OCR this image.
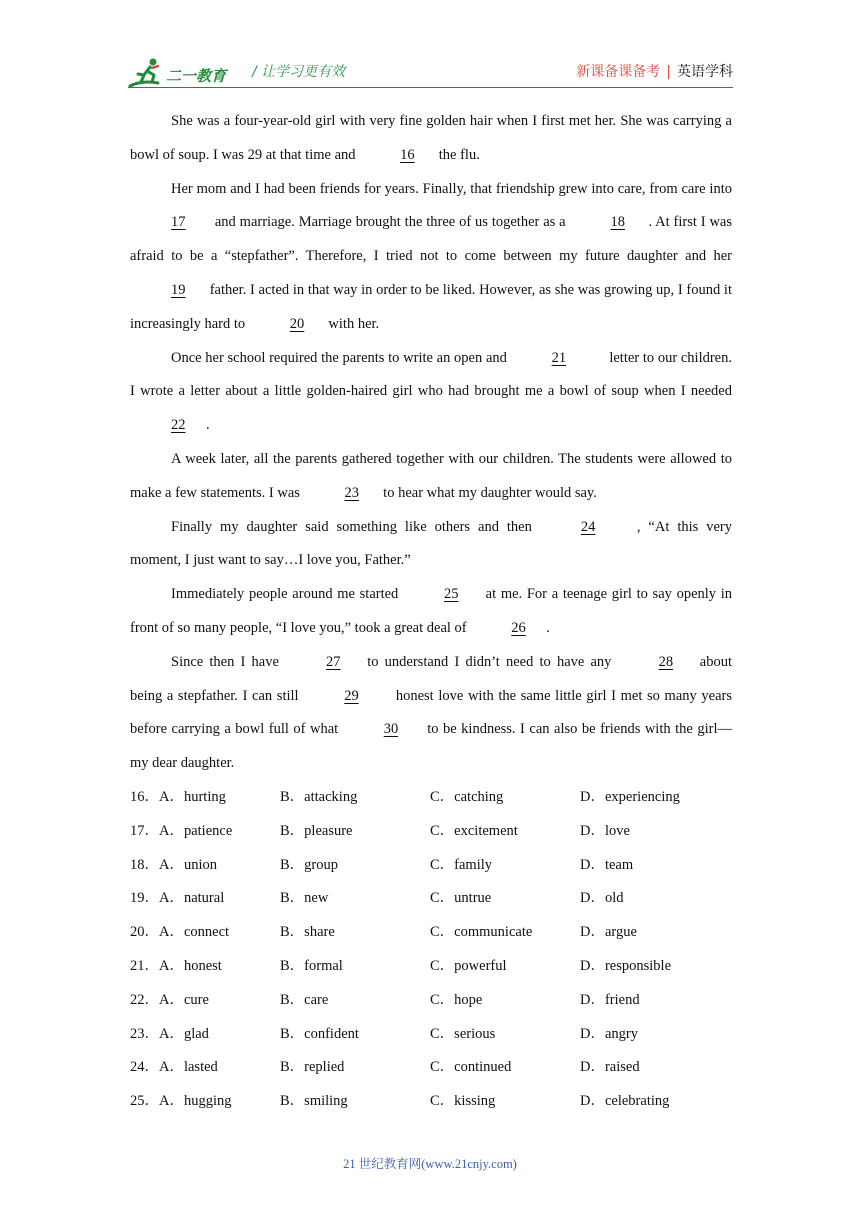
二一教育 / 让学习更有效	新课备课备考 | 英语学科

She was a four-year-old girl with very fine golden hair when I first met her. She was carrying a bowl of soup. I was 29 at that time and	16 the flu.

Her mom and I had been friends for years. Finally, that friendship grew into care, from care into 17 and marriage. Marriage brought the three of us together as a	18 . At first I was afraid to be a “stepfather”. Therefore, I tried not to come between my future daughter and her 19 father. I acted in that way in order to be liked. However, as she was growing up, I found it increasingly hard to	20 with her.

Once her school required the parents to write an open and	21	letter to our children. I wrote a letter about a little golden-haired girl who had brought me a bowl of soup when I needed 22 .

A week later, all the parents gathered together with our children. The students were allowed to make a few statements. I was	23 to hear what my daughter would say.

Finally my daughter said something like others and then	24	, “At this very moment, I just want to say…I love you, Father.”

Immediately people around me started	25 at me. For a teenage girl to say openly in front of so many people, “I love you,” took a great deal of	26 .

Since then I have	27 to understand I didn’t need to have any	28 about being a stepfather. I can still	29 honest love with the same little girl I met so many years before carrying a bowl full of what	30 to be kindness. I can also be friends with the girl—my dear daughter.

16．A．hurting	B．attacking	C．catching	D．experiencing
17．A．patience	B．pleasure	C．excitement	D．love
18．A．union	B．group	C．family	D．team
19．A．natural	B．new	C．untrue	D．old
20．A．connect	B．share	C．communicate	D．argue
21．A．honest	B．formal	C．powerful	D．responsible
22．A．cure	B．care	C．hope	D．friend
23．A．glad	B．confident	C．serious	D．angry
24．A．lasted	B．replied	C．continued	D．raised
25．A．hugging	B．smiling	C．kissing	D．celebrating
21 世纪教育网(www.21cnjy.com)
